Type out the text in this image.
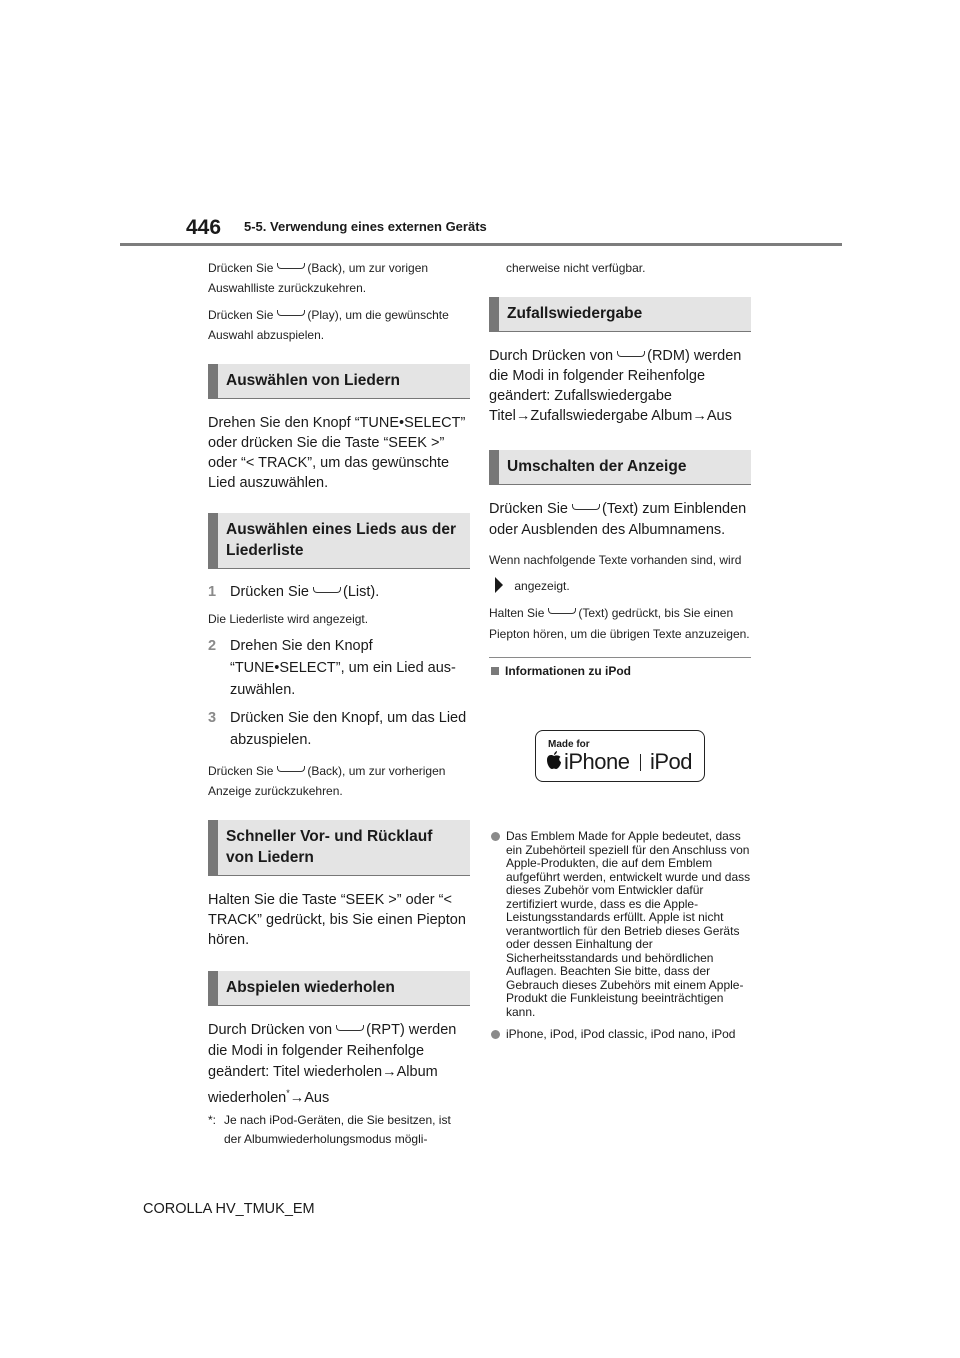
446 5-5. Verwendung eines externen Geräts

Drücken Sie	(Back), um zur vorigen Auswahlliste zurückzukehren.

Drücken Sie	(Play), um die gewünschte Auswahl abzuspielen.

Auswählen von Liedern

Drehen Sie den Knopf “TUNE•SELECT” oder drücken Sie die Taste “SEEK >” oder “< TRACK”, um das gewünschte Lied auszuwählen.

Auswählen eines Lieds aus der Liederliste
1 Drücken Sie (List).

Die Liederliste wird angezeigt.

2 Drehen Sie den Knopf “TUNE•SELECT”, um ein Lied auszuwählen.
3 Drücken Sie den Knopf, um das Lied abzuspielen.

Drücken Sie	(Back), um zur vorherigen Anzeige zurückzukehren.

Schneller Vor- und Rücklauf von Liedern

Halten Sie die Taste “SEEK >” oder “< TRACK” gedrückt, bis Sie einen Piepton hören.

Abspielen wiederholen

Durch Drücken von (RPT) werden die Modi in folgender Reihenfolge geändert: Titel wiederholen→Album wiederholen*→Aus

*: Je nach iPod-Geräten, die Sie besitzen, ist der Albumwiederholungsmodus mögli-

cherweise nicht verfügbar.

Zufallswiedergabe

Durch Drücken von (RDM) werden die Modi in folgender Reihenfolge geändert: Zufallswiedergabe Titel→Zufallswiedergabe Album→Aus

Umschalten der Anzeige

Drücken Sie (Text) zum Einblenden oder Ausblenden des Albumnamens.

Wenn nachfolgende Texte vorhanden sind, wird  angezeigt.

Halten Sie	(Text) gedrückt, bis Sie einen Piepton hören, um die übrigen Texte anzuzeigen.

Informationen zu iPod
Made for
iPhone iPod
Das Emblem Made for Apple bedeutet, dass ein Zubehörteil speziell für den Anschluss von Apple-Produkten, die auf dem Emblem aufgeführt werden, entwickelt wurde und dass dieses Zubehör vom Entwickler dafür zertifiziert wurde, dass es die Apple-Leistungsstandards erfüllt. Apple ist nicht verantwortlich für den Betrieb dieses Geräts oder dessen Einhaltung der Sicherheitsstandards und behördlichen Auflagen. Beachten Sie bitte, dass der Gebrauch dieses Zubehörs mit einem Apple-Produkt die Funkleistung beeinträchtigen kann.
iPhone, iPod, iPod classic, iPod nano, iPod
COROLLA HV_TMUK_EM
